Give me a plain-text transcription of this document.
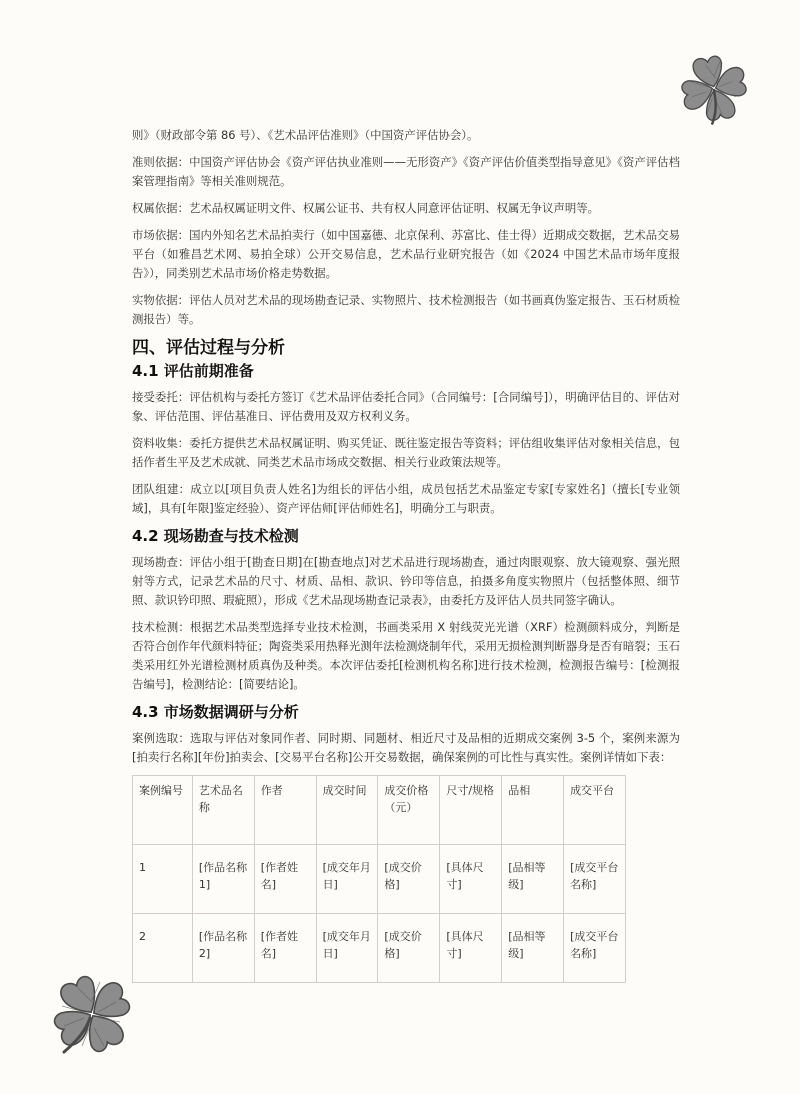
则》（财政部令第 86 号）、《艺术品评估准则》（中国资产评估协会）。

准则依据：中国资产评估协会《资产评估执业准则——无形资产》《资产评估价值类型指导意见》《资产评估档案管理指南》等相关准则规范。

权属依据：艺术品权属证明文件、权属公证书、共有权人同意评估证明、权属无争议声明等。

市场依据：国内外知名艺术品拍卖行（如中国嘉德、北京保利、苏富比、佳士得）近期成交数据，艺术品交易平台（如雅昌艺术网、易拍全球）公开交易信息，艺术品行业研究报告（如《2024 中国艺术品市场年度报告》），同类别艺术品市场价格走势数据。

实物依据：评估人员对艺术品的现场勘查记录、实物照片、技术检测报告（如书画真伪鉴定报告、玉石材质检测报告）等。

四、评估过程与分析
4.1 评估前期准备

接受委托：评估机构与委托方签订《艺术品评估委托合同》（合同编号：[合同编号]），明确评估目的、评估对象、评估范围、评估基准日、评估费用及双方权利义务。

资料收集：委托方提供艺术品权属证明、购买凭证、既往鉴定报告等资料；评估组收集评估对象相关信息，包括作者生平及艺术成就、同类艺术品市场成交数据、相关行业政策法规等。

团队组建：成立以[项目负责人姓名]为组长的评估小组，成员包括艺术品鉴定专家[专家姓名]（擅长[专业领域]，具有[年限]鉴定经验）、资产评估师[评估师姓名]，明确分工与职责。

4.2 现场勘查与技术检测

现场勘查：评估小组于[勘查日期]在[勘查地点]对艺术品进行现场勘查，通过肉眼观察、放大镜观察、强光照射等方式，记录艺术品的尺寸、材质、品相、款识、钤印等信息，拍摄多角度实物照片（包括整体照、细节照、款识钤印照、瑕疵照），形成《艺术品现场勘查记录表》，由委托方及评估人员共同签字确认。

技术检测：根据艺术品类型选择专业技术检测，书画类采用 X 射线荧光光谱（XRF）检测颜料成分，判断是否符合创作年代颜料特征；陶瓷类采用热释光测年法检测烧制年代，采用无损检测判断器身是否有暗裂；玉石类采用红外光谱检测材质真伪及种类。本次评估委托[检测机构名称]进行技术检测，检测报告编号：[检测报告编号]，检测结论：[简要结论]。

4.3 市场数据调研与分析

案例选取：选取与评估对象同作者、同时期、同题材、相近尺寸及品相的近期成交案例 3-5 个，案例来源为[拍卖行名称][年份]拍卖会、[交易平台名称]公开交易数据，确保案例的可比性与真实性。案例详情如下表：

案例编号	艺术品名称	作者	成交时间	成交价格（元）	尺寸/规格	品相	成交平台
1	[作品名称 1]	[作者姓名]	[成交年月日]	[成交价格]	[具体尺寸]	[品相等级]	[成交平台名称]
2	[作品名称 2]	[作者姓名]	[成交年月日]	[成交价格]	[具体尺寸]	[品相等级]	[成交平台名称]
